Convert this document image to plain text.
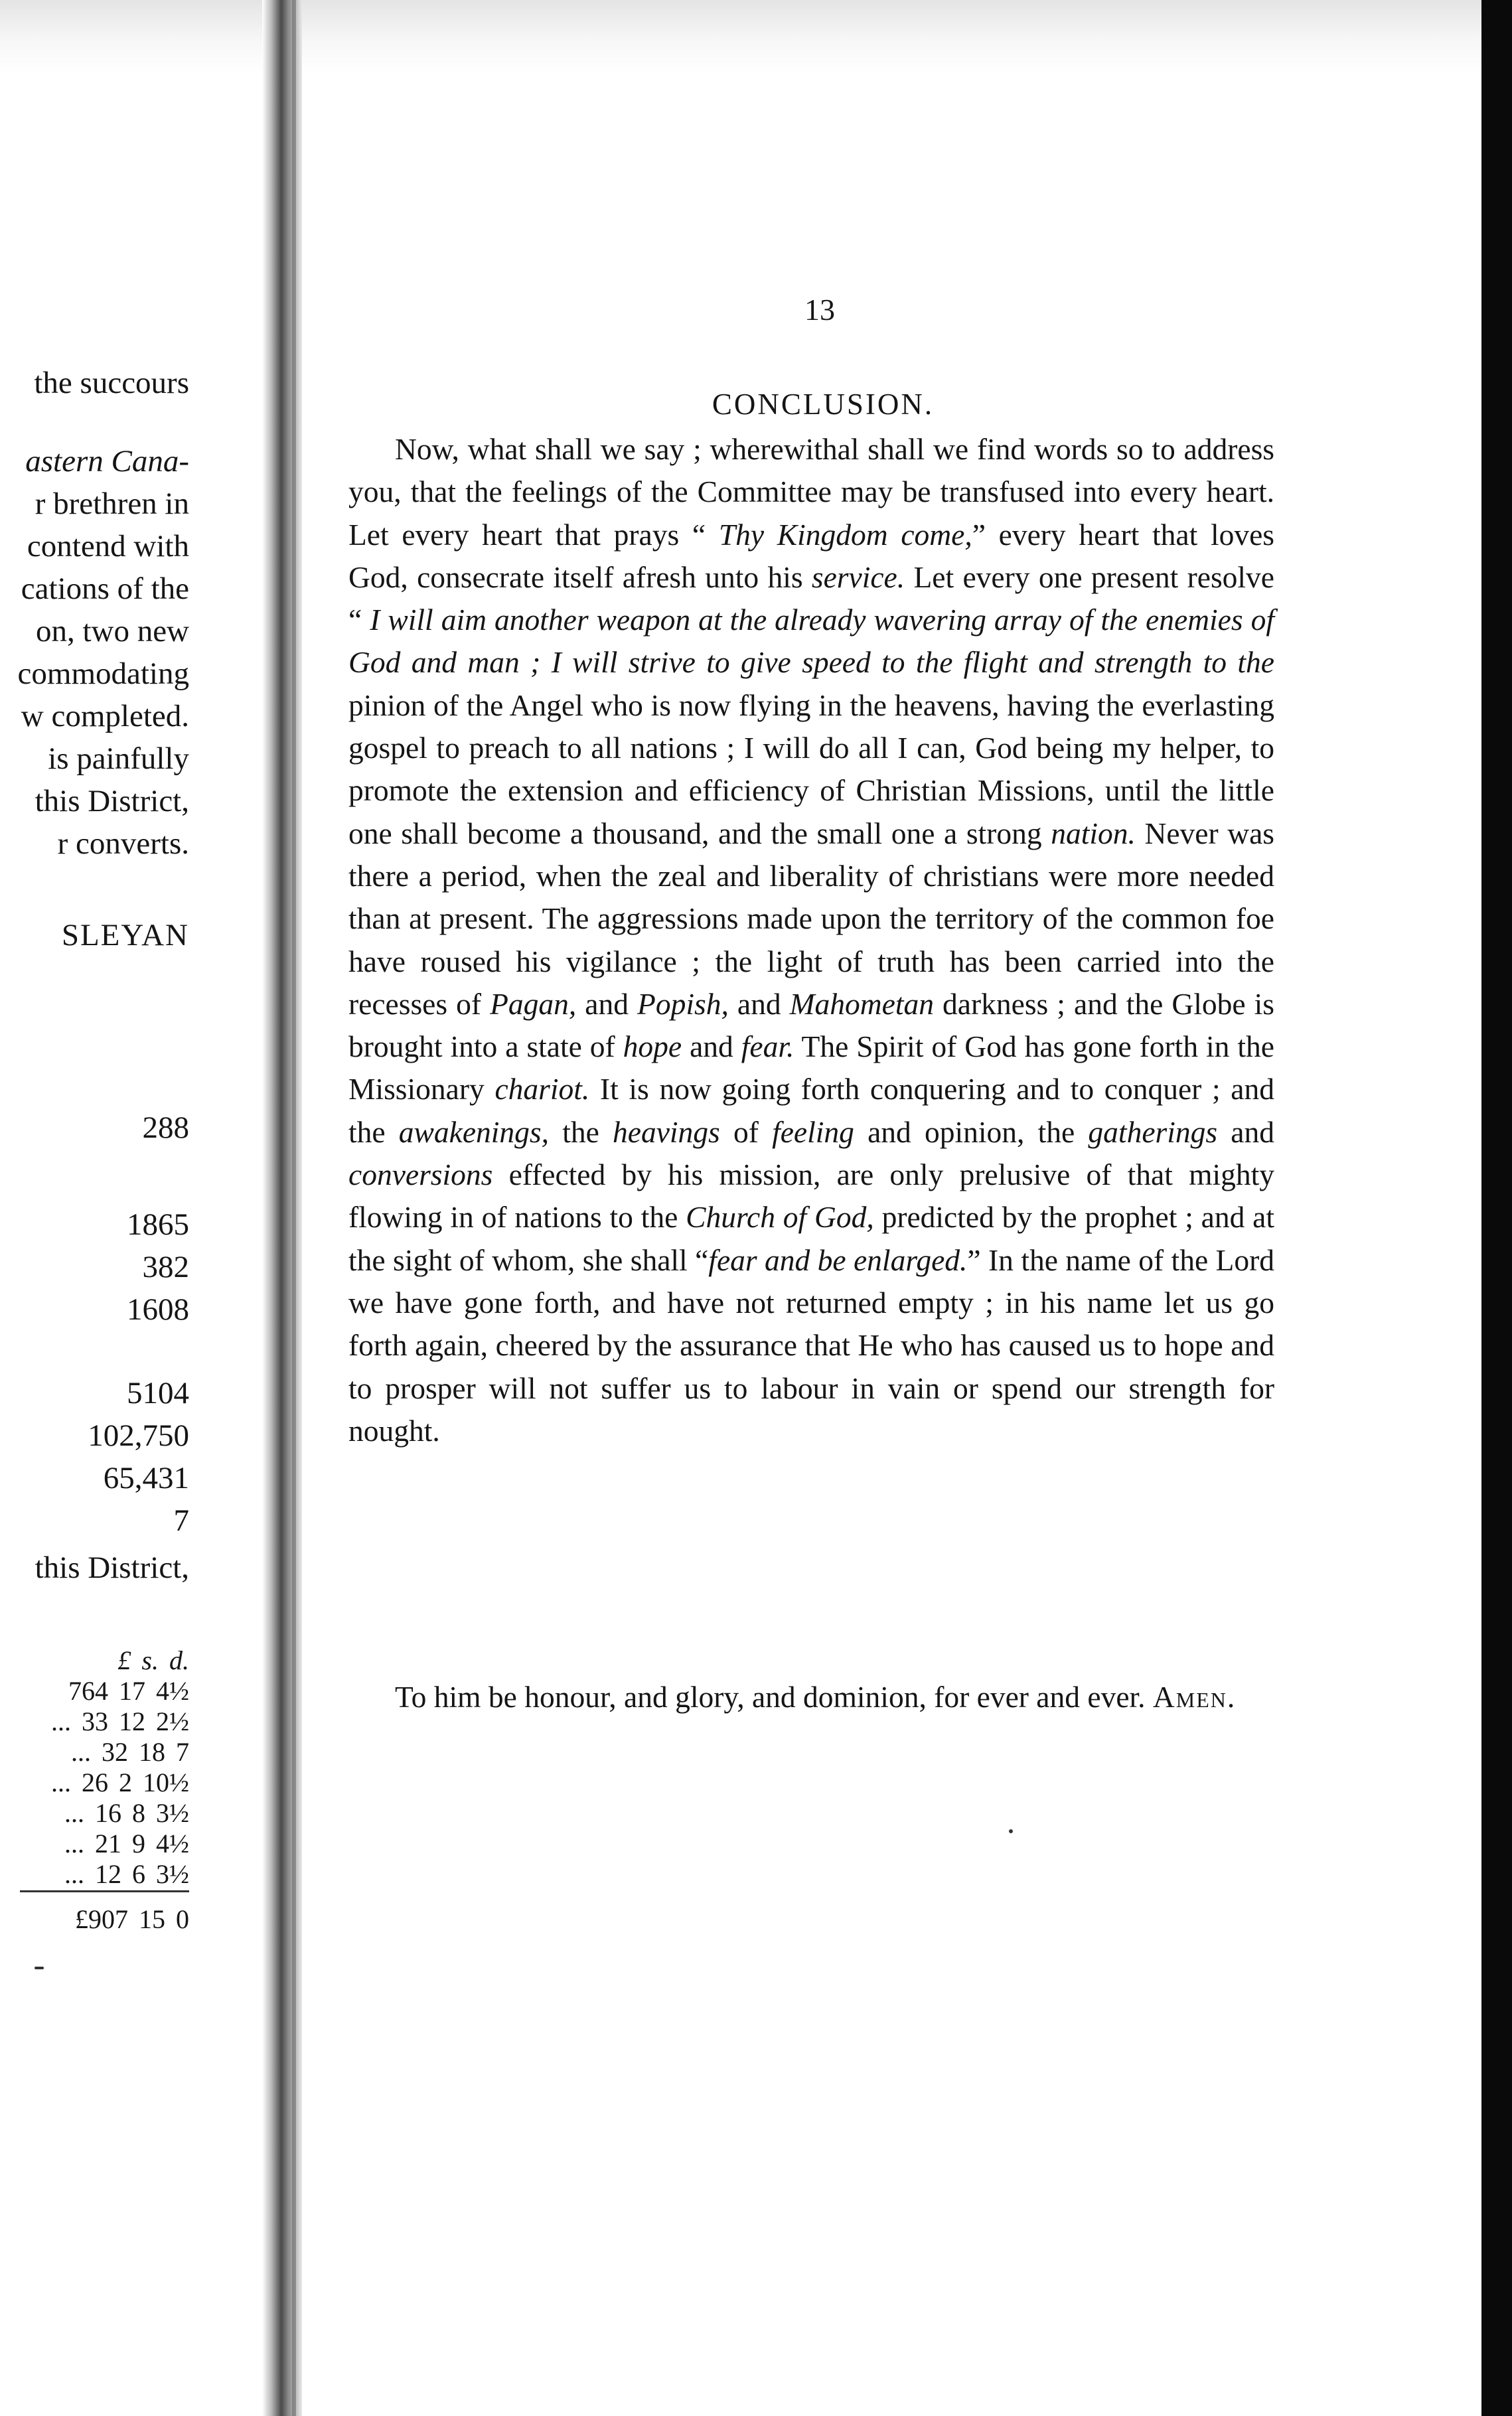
the succours
astern Cana-
r brethren in
contend with
cations of the
on, two new
commodating
w completed.
is painfully
this District,
r converts.
SLEYAN
288
1865
382
1608
5104
102,750
65,431
7
this District,
£ s. d.
764 17 4½
... 33 12 2½
... 32 18 7
... 26 2 10½
... 16 8 3½
... 21 9 4½
... 12 6 3½
£907 15 0
13
CONCLUSION.

Now, what shall we say ; wherewithal shall we find words so to address you, that the feelings of the Committee may be transfused into every heart. Let every heart that prays “ Thy Kingdom come,” every heart that loves God, consecrate itself afresh unto his service. Let every one present resolve “ I will aim another weapon at the already wavering array of the enemies of God and man ; I will strive to give speed to the flight and strength to the pinion of the Angel who is now flying in the heavens, having the everlasting gospel to preach to all nations ; I will do all I can, God being my helper, to promote the extension and efficiency of Christian Missions, until the little one shall become a thousand, and the small one a strong nation. Never was there a period, when the zeal and liberality of christians were more needed than at present. The aggressions made upon the territory of the common foe have roused his vigilance ; the light of truth has been carried into the recesses of Pagan, and Popish, and Mahometan darkness ; and the Globe is brought into a state of hope and fear. The Spirit of God has gone forth in the Missionary chariot. It is now going forth conquering and to conquer ; and the awakenings, the heavings of feeling and opinion, the gatherings and conversions effected by his mission, are only prelusive of that mighty flowing in of nations to the Church of God, predicted by the prophet ; and at the sight of whom, she shall “fear and be enlarged.” In the name of the Lord we have gone forth, and have not returned empty ; in his name let us go forth again, cheered by the assurance that He who has caused us to hope and to prosper will not suffer us to labour in vain or spend our strength for nought.

To him be honour, and glory, and dominion, for ever and ever. Amen.
